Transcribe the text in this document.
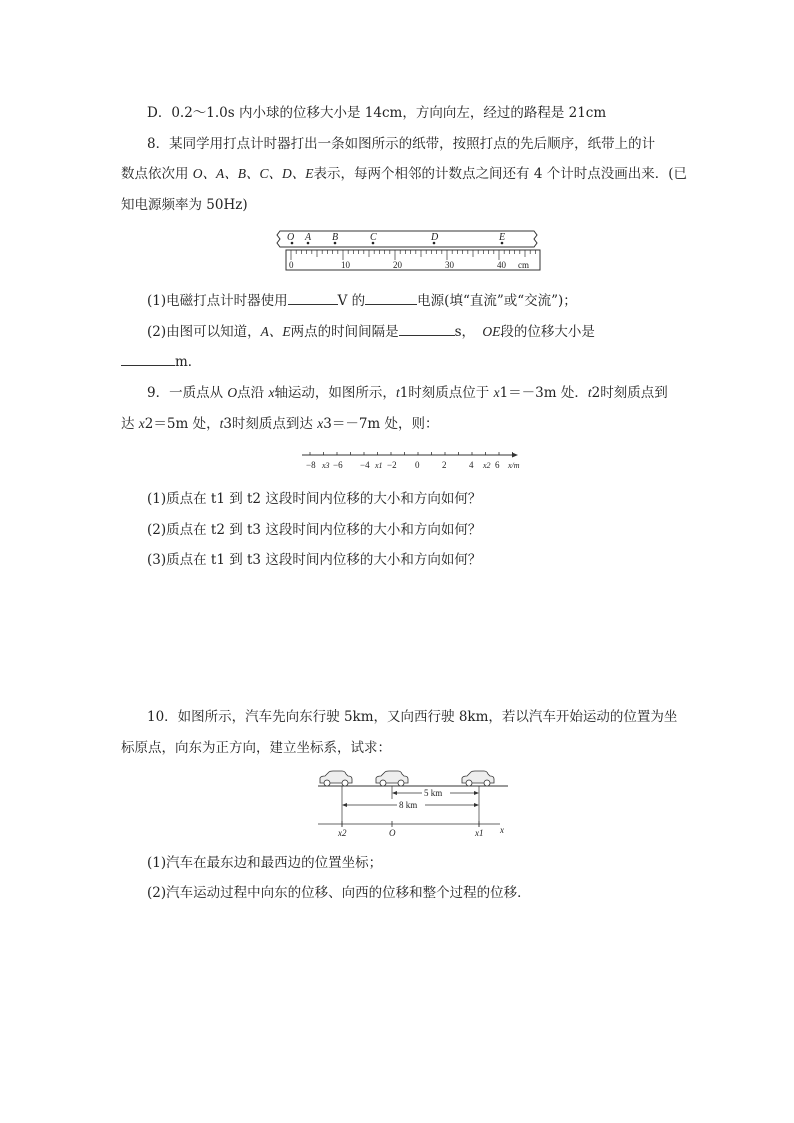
D．0.2～1.0s 内小球的位移大小是 14cm，方向向左，经过的路程是 21cm
8．某同学用打点计时器打出一条如图所示的纸带，按照打点的先后顺序，纸带上的计
数点依次用 O、A、B、C、D、E表示，每两个相邻的计数点之间还有 4 个计时点没画出来．(已
知电源频率为 50Hz)
O A B	C	D	E
0	10	20	30	40 cm
(1)电磁打点计时器使用	V 的	电源(填“直流”或“交流”)；
(2)由图可以知道，A、E两点的时间间隔是	s， OE段的位移大小是
m．
9．一质点从 O点沿 x轴运动，如图所示，t1时刻质点位于 x1＝－3m 处．t2时刻质点到
达 x2＝5m 处，t3时刻质点到达 x3＝－7m 处，则：
−8 −6 −4 −2 0	2	4 6
x3	x1	x2 x/m
(1)质点在 t1 到 t2 这段时间内位移的大小和方向如何？
(2)质点在 t2 到 t3 这段时间内位移的大小和方向如何？
(3)质点在 t1 到 t3 这段时间内位移的大小和方向如何？
10．如图所示，汽车先向东行驶 5km，又向西行驶 8km，若以汽车开始运动的位置为坐
标原点，向东为正方向，建立坐标系，试求：
5 km
8 km
x2	O	x1 x
(1)汽车在最东边和最西边的位置坐标；
(2)汽车运动过程中向东的位移、向西的位移和整个过程的位移．
